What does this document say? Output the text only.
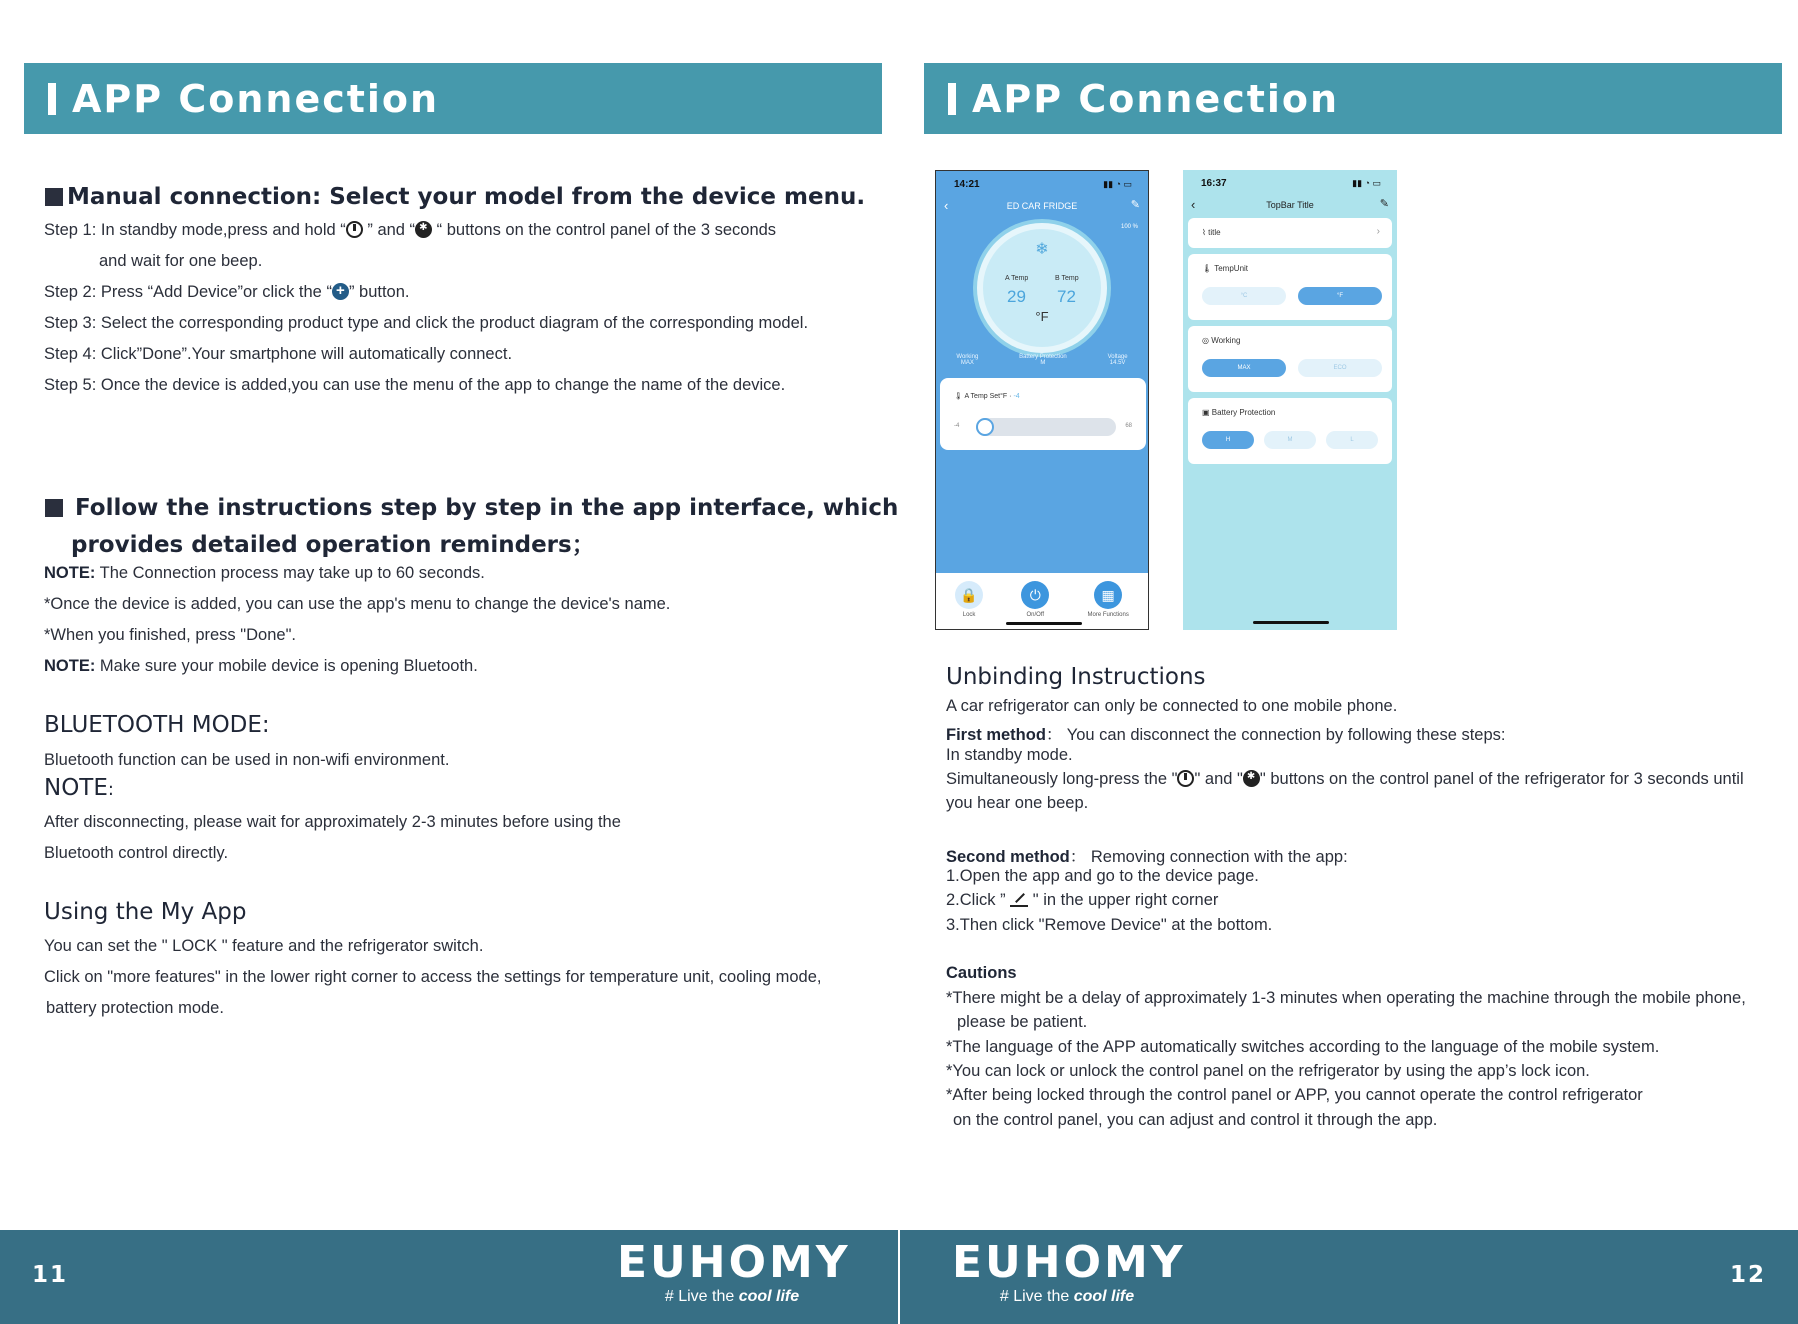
APP Connection
Manual connection: Select your model from the device menu.
Step 1: In standby mode,press and hold “ ” and “✱ “ buttons on the control panel of the 3 seconds
and wait for one beep.
Step 2: Press “Add Device”or click the “ + ” button.
Step 3: Select the corresponding product type and click the product diagram of the corresponding model.
Step 4: Click”Done”.Your smartphone will automatically connect.
Step 5: Once the device is added,you can use the menu of the app to change the name of the device.
Follow the instructions step by step in the app interface, which
provides detailed operation reminders；
NOTE: The Connection process may take up to 60 seconds.
*Once the device is added, you can use the app's menu to change the device's name.
*When you finished, press "Done".
NOTE: Make sure your mobile device is opening Bluetooth.
BLUETOOTH MODE:
Bluetooth function can be used in non-wifi environment.
NOTE:
After disconnecting, please wait for approximately 2-3 minutes before using the
Bluetooth control directly.
Using the My App
You can set the " LOCK " feature and the refrigerator switch.
Click on "more features" in the lower right corner to access the settings for temperature unit, cooling mode,
battery protection mode.
APP Connection
14:21	▮▮ ◔ ▭
‹	ED CAR FRIDGE	✎
100 %
❄
A Temp	B Temp
29 72
°F
Working
MAX
Battery Protection
M
Voltage
14.5V
🌡 A Temp Set°F · -4
-4	68
🔒
Lock
⏻
On/Off
▦
More Functions
16:37	▮▮ ◔ ▭
‹	TopBar Title	✎
⌇ title	›
🌡 TempUnit
°C	°F
◎ Working
MAX	ECO
▣ Battery Protection
H	M	L
Unbinding Instructions
A car refrigerator can only be connected to one mobile phone.
First method： You can disconnect the connection by following these steps:
In standby mode.
Simultaneously long-press the " " and " ✱ " buttons on the control panel of the refrigerator for 3 seconds until
you hear one beep.
Second method： Removing connection with the app:
1.Open the app and go to the device page.
2.Click ”  " in the upper right corner
3.Then click "Remove Device" at the bottom.
Cautions
*There might be a delay of approximately 1-3 minutes when operating the machine through the mobile phone,
please be patient.
*The language of the APP automatically switches according to the language of the mobile system.
*You can lock or unlock the control panel on the refrigerator by using the app’s lock icon.
*After being locked through the control panel or APP, you cannot operate the control refrigerator
on the control panel, you can adjust and control it through the app.
11	12
EUHOMY
# Live the cool life
EUHOMY
# Live the cool life
